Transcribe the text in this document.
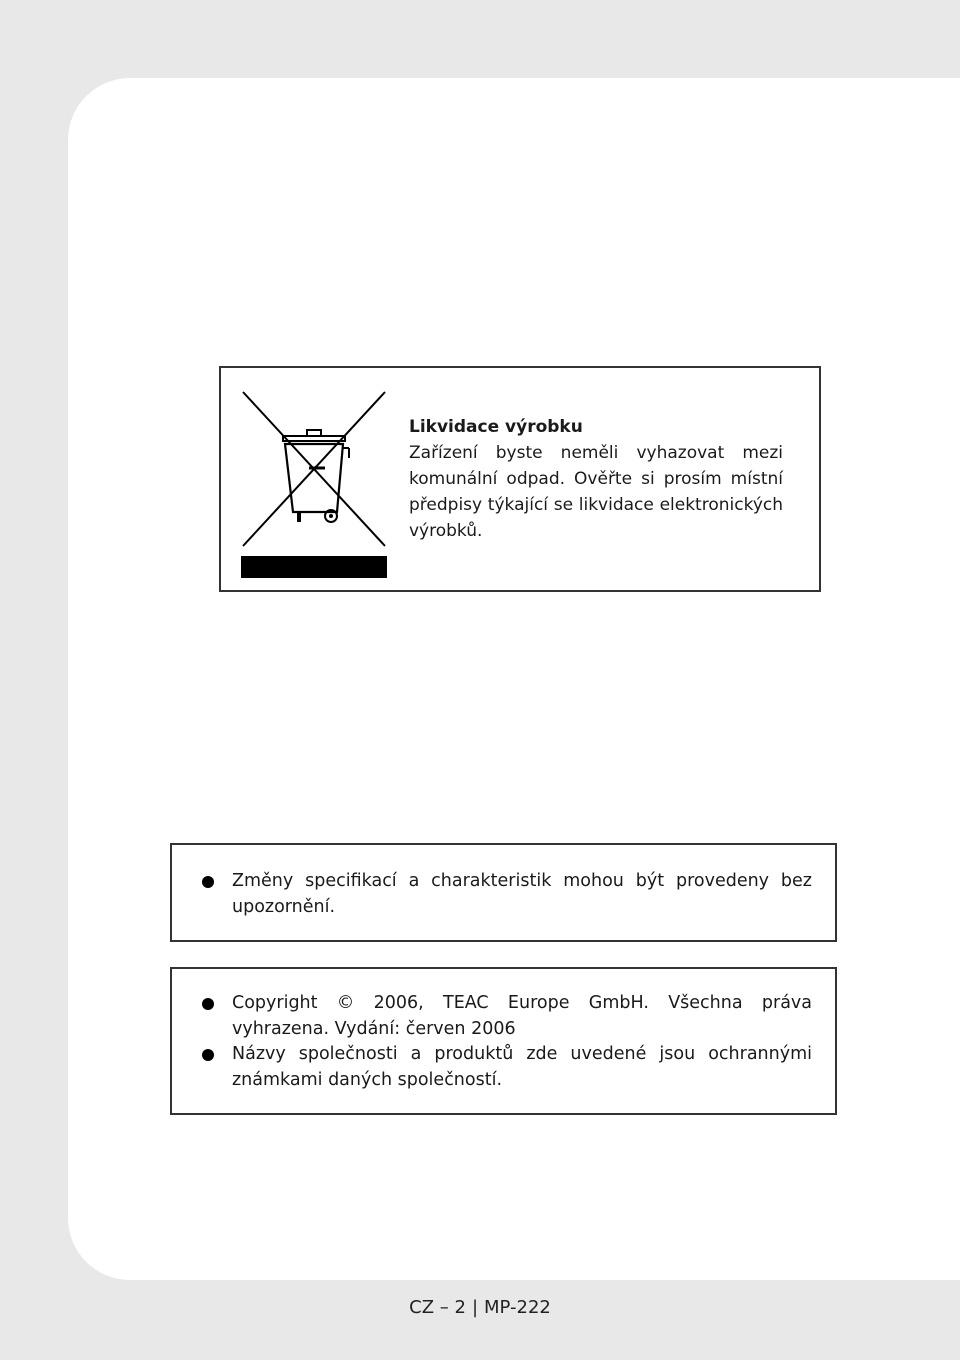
Likvidace výrobku
Zařízení byste neměli vyhazovat mezi komunální odpad. Ověřte si prosím místní předpisy týkající se likvidace elektronických výrobků.
Změny specifikací a charakteristik mohou být provedeny bez upozornění.
Copyright © 2006, TEAC Europe GmbH. Všechna práva vyhrazena. Vydání: červen 2006
Názvy společnosti a produktů zde uvedené jsou ochrannými známkami daných společností.
CZ – 2 | MP-222
